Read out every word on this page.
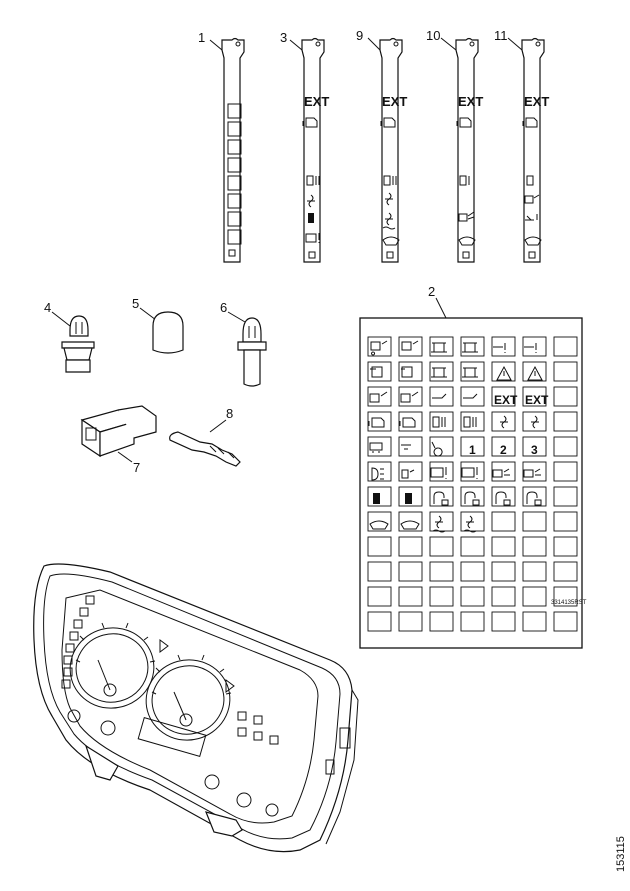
1	3
EXT
9
EXT
10
EXT
11
EXT
4	5	6
7
8
2
EXT EXT
1 2 3
3314135RST
153115
